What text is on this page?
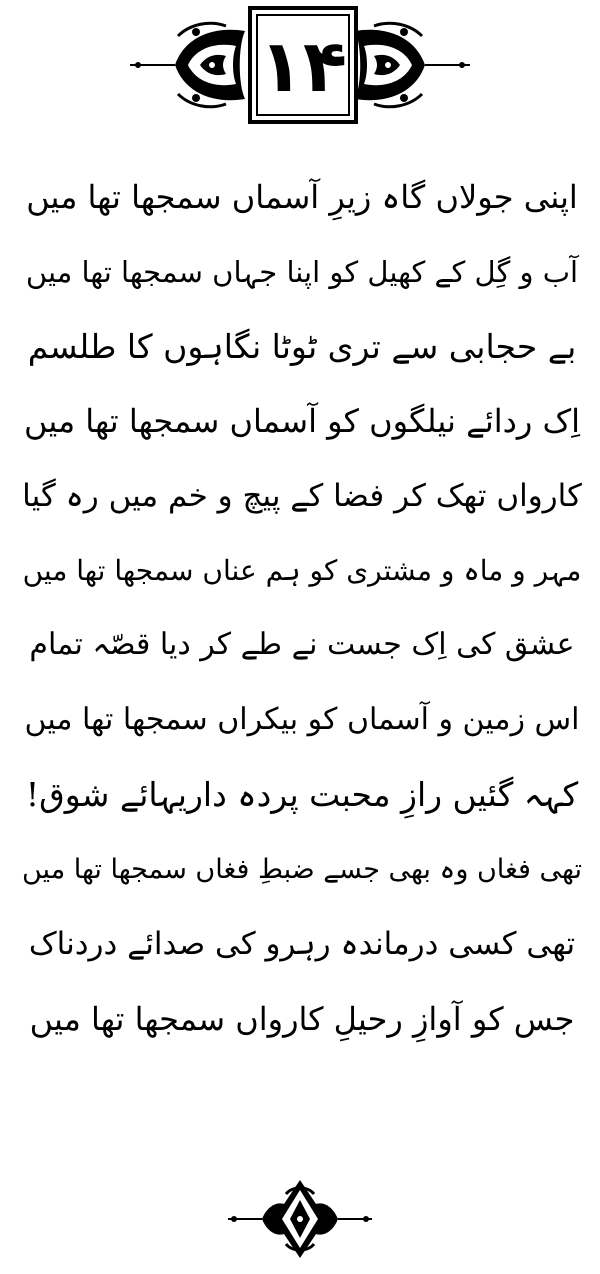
۱۴
اپنی جولاں گاہ زیرِ آسماں سمجھا تھا میں
آب و گِل کے کھیل کو اپنا جہاں سمجھا تھا میں
بے حجابی سے تری ٹوٹا نگاہوں کا طلسم
اِک ردائے نیلگوں کو آسماں سمجھا تھا میں
کارواں تھک کر فضا کے پیچ و خم میں رہ گیا
مہر و ماہ و مشتری کو ہم عناں سمجھا تھا میں
عشق کی اِک جست نے طے کر دیا قصّہ تمام
اس زمین و آسماں کو بیکراں سمجھا تھا میں
کہہ گئیں رازِ محبت پردہ داریہائے شوق!
تھی فغاں وہ بھی جسے ضبطِ فغاں سمجھا تھا میں
تھی کسی درماندہ رہرو کی صدائے دردناک
جس کو آوازِ رحیلِ کارواں سمجھا تھا میں
